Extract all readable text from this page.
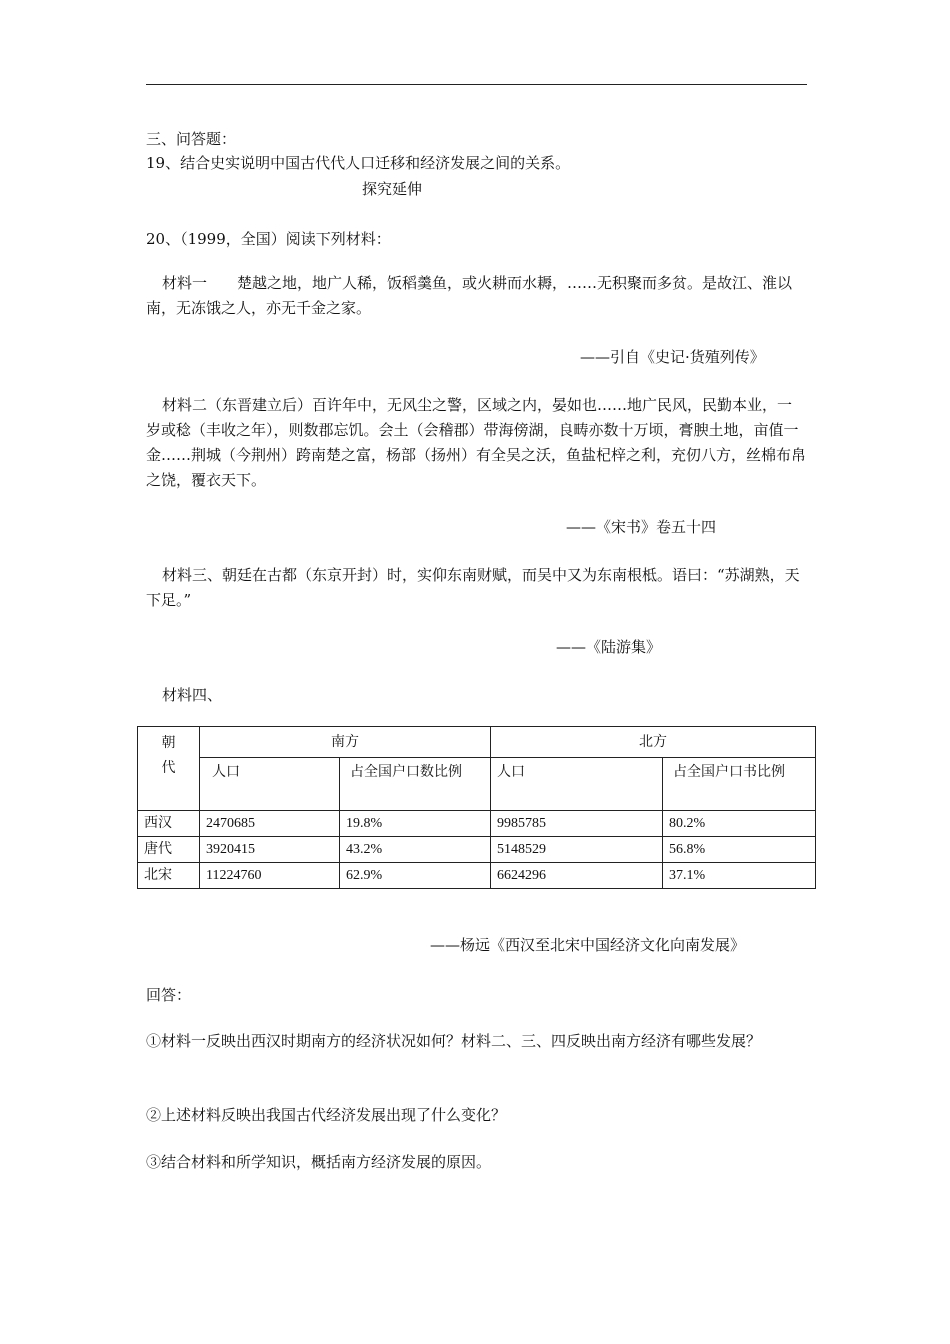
三、问答题：
19、结合史实说明中国古代代人口迁移和经济发展之间的关系。
探究延伸
20、（1999，全国）阅读下列材料：
材料一　　楚越之地，地广人稀，饭稻羹鱼，或火耕而水耨，……无积聚而多贫。是故江、淮以南，无冻饿之人，亦无千金之家。
——引自《史记·货殖列传》
材料二（东晋建立后）百许年中，无风尘之警，区域之内，晏如也……地广民风，民勤本业，一岁或稔（丰收之年），则数郡忘饥。会土（会稽郡）带海傍湖，良畴亦数十万顷，膏腴土地，亩值一金……荆城（今荆州）跨南楚之富，杨部（扬州）有全吴之沃，鱼盐杞梓之利，充仞八方，丝棉布帛之饶，覆衣天下。
——《宋书》卷五十四
材料三、朝廷在古都（东京开封）时，实仰东南财赋，而吴中又为东南根柢。语曰：“苏湖熟，天下足。”
——《陆游集》
材料四、
朝代	南方		北方	
	人口	占全国户口数比例	人口	占全国户口书比例
西汉	2470685	19.8%	9985785	80.2%
唐代	3920415	43.2%	5148529	56.8%
北宋	11224760	62.9%	6624296	37.1%
——杨远《西汉至北宋中国经济文化向南发展》
回答：
①材料一反映出西汉时期南方的经济状况如何？材料二、三、四反映出南方经济有哪些发展？
②上述材料反映出我国古代经济发展出现了什么变化？
③结合材料和所学知识，概括南方经济发展的原因。
